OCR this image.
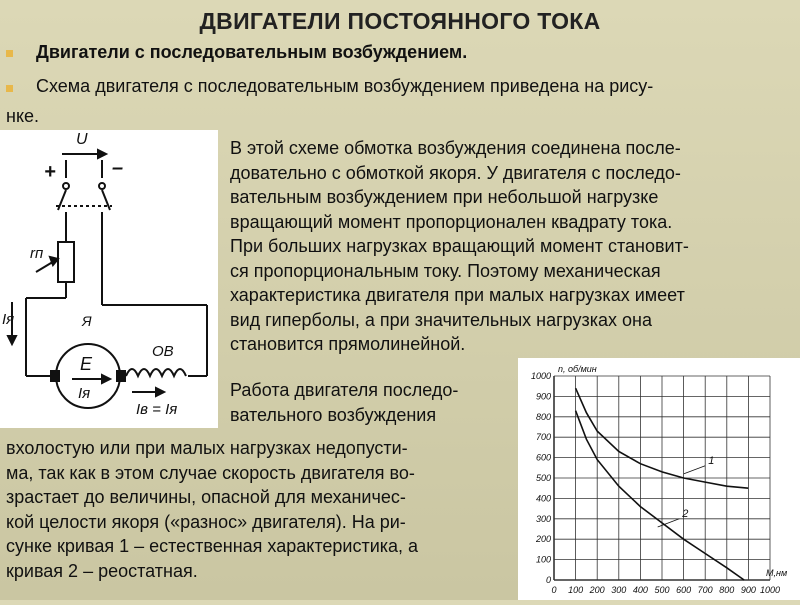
ДВИГАТЕЛИ ПОСТОЯННОГО ТОКА
Двигатели с последовательным возбуждением.
Схема двигателя с последовательным возбуждением приведена на рису-
нке.
U
+	–
rп
Я
E
Iя
ОВ
Iя
Iв = Iя
В этой схеме обмотка возбуждения соединена после-
довательно с обмоткой якоря. У двигателя с последо-
вательным возбуждением при небольшой нагрузке
вращающий момент пропорционален квадрату тока.
При больших нагрузках вращающий момент становит-
ся пропорциональным току. Поэтому механическая
характеристика двигателя при малых нагрузках имеет
вид гиперболы, а при значительных нагрузках она
становится прямолинейной.
Работа двигателя последо-
вательного возбуждения
вхолостую или при малых нагрузках недопусти-
ма, так как в этом случае скорость двигателя во-
зрастает до величины, опасной для механичес-
кой целости якоря («разнос» двигателя). На ри-
сунке кривая 1 – естественная характеристика, а
кривая 2 – реостатная.
0 100 200 300 400 500 600 700 800 900 1000
0
100
200
300
400
500
600
700
800
900
1000
n, об/мин
M,нм
1
2
